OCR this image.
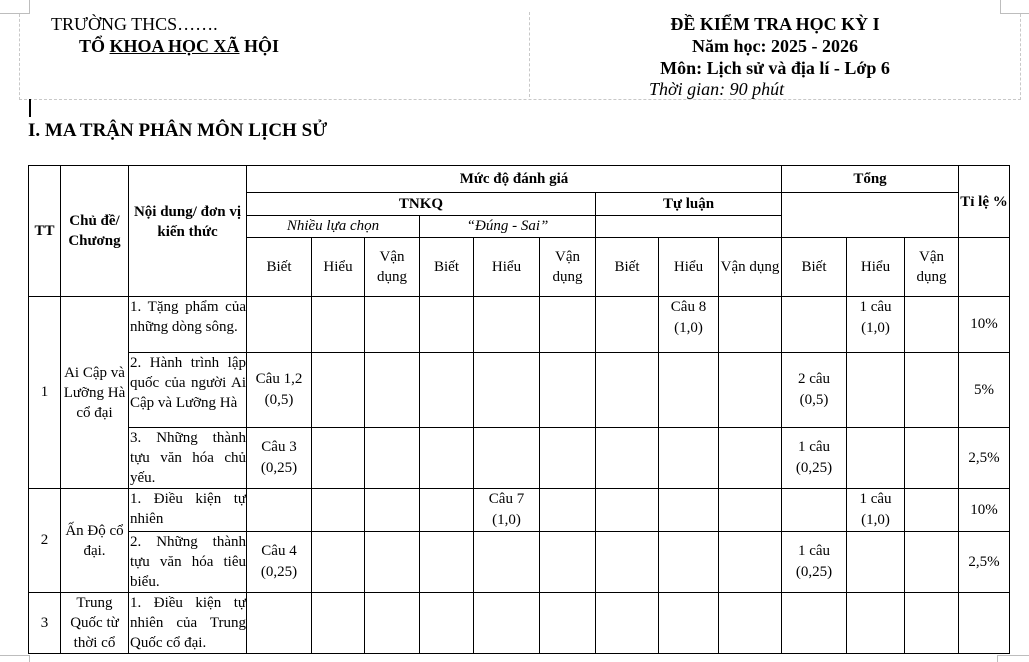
TRƯỜNG THCS…….
TỔ KHOA HỌC XÃ HỘI
ĐỀ KIỂM TRA HỌC KỲ I
Năm học: 2025 - 2026
Môn: Lịch sử và địa lí - Lớp 6
Thời gian: 90 phút
I. MA TRẬN PHÂN MÔN LỊCH SỬ
TT	Chủ đề/ Chương	Nội dung/ đơn vị kiến thức	Mức độ đánh giá									Tổng			Tỉ lệ %
			TNKQ						Tự luận						
			Nhiều lựa chọn			“Đúng - Sai”									
			Biết	Hiểu	Vận dụng	Biết	Hiểu	Vận dụng	Biết	Hiểu	Vận dụng	Biết	Hiểu	Vận dụng	
1	Ai Cập và Lưỡng Hà cổ đại	1. Tặng phẩm của những dòng sông.								Câu 8 (1,0)			1 câu (1,0)		10%
		2. Hành trình lập quốc của người Ai Cập và Lưỡng Hà	Câu 1,2 (0,5)									2 câu (0,5)			5%
		3. Những thành tựu văn hóa chủ yếu.	Câu 3 (0,25)									1 câu (0,25)			2,5%
2	Ấn Độ cổ đại.	1. Điều kiện tự nhiên					Câu 7 (1,0)						1 câu (1,0)		10%
		2. Những thành tựu văn hóa tiêu biểu.	Câu 4 (0,25)									1 câu (0,25)			2,5%
3	Trung Quốc từ thời cổ	1. Điều kiện tự nhiên của Trung Quốc cổ đại.													
